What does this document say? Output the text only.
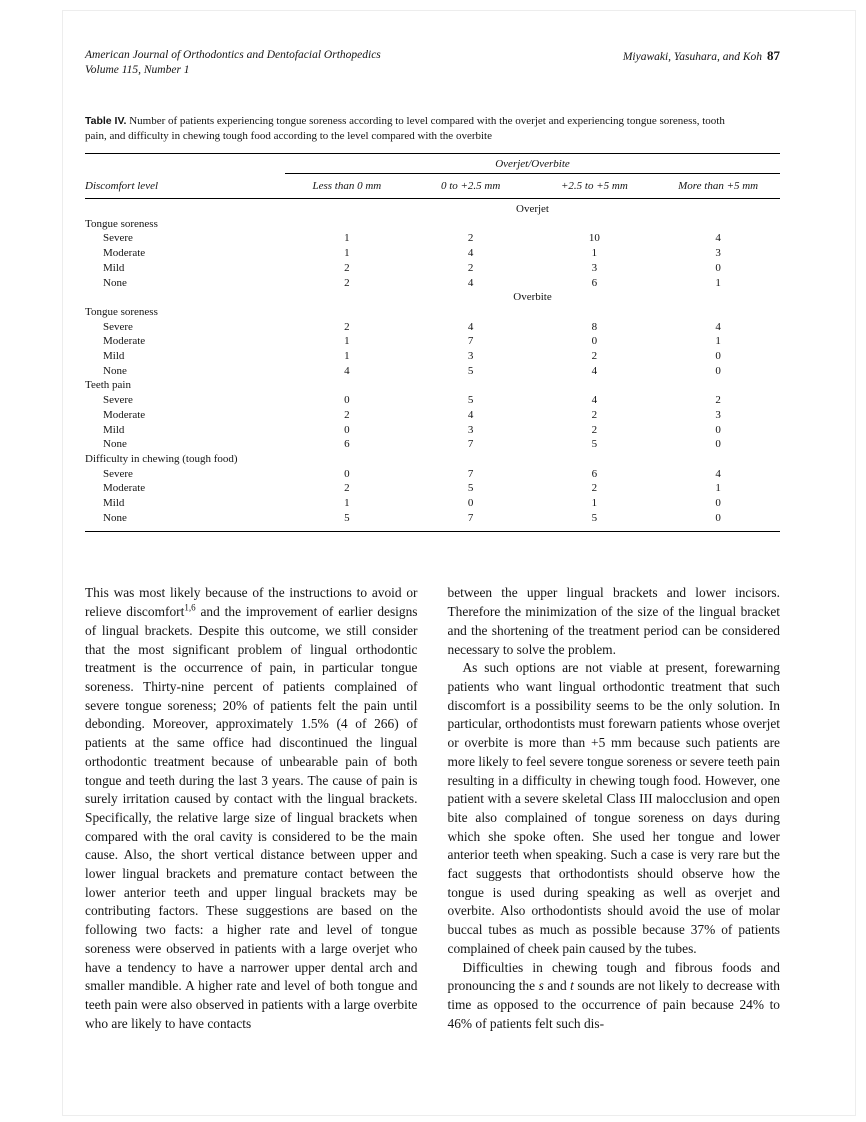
American Journal of Orthodontics and Dentofacial Orthopedics
Volume 115, Number 1
Miyawaki, Yasuhara, and Koh 87
Table IV. Number of patients experiencing tongue soreness according to level compared with the overjet and experiencing tongue soreness, tooth pain, and difficulty in chewing tough food according to the level compared with the overbite
Overjet/Overbite
Discomfort level	Less than 0 mm	0 to +2.5 mm	+2.5 to +5 mm	More than +5 mm
Overjet
Tongue soreness
Severe	1	2	10	4
Moderate	1	4	1	3
Mild	2	2	3	0
None	2	4	6	1
Overbite
Tongue soreness
Severe	2	4	8	4
Moderate	1	7	0	1
Mild	1	3	2	0
None	4	5	4	0
Teeth pain
Severe	0	5	4	2
Moderate	2	4	2	3
Mild	0	3	2	0
None	6	7	5	0
Difficulty in chewing (tough food)
Severe	0	7	6	4
Moderate	2	5	2	1
Mild	1	0	1	0
None	5	7	5	0

This was most likely because of the instructions to avoid or relieve discomfort$^{1,6}$ and the improvement of earlier designs of lingual brackets. Despite this outcome, we still consider that the most significant problem of lingual orthodontic treatment is the occurrence of pain, in particular tongue soreness. Thirty-nine percent of patients complained of severe tongue soreness; 20% of patients felt the pain until debonding. Moreover, approximately 1.5% (4 of 266) of patients at the same office had discontinued the lingual orthodontic treatment because of unbearable pain of both tongue and teeth during the last 3 years. The cause of pain is surely irritation caused by contact with the lingual brackets. Specifically, the relative large size of lingual brackets when compared with the oral cavity is considered to be the main cause. Also, the short vertical distance between upper and lower lingual brackets and premature contact between the lower anterior teeth and upper lingual brackets may be contributing factors. These suggestions are based on the following two facts: a higher rate and level of tongue soreness were observed in patients with a large overjet who have a tendency to have a narrower upper dental arch and smaller mandible. A higher rate and level of both tongue and teeth pain were also observed in patients with a large overbite who are likely to have contacts

between the upper lingual brackets and lower incisors. Therefore the minimization of the size of the lingual bracket and the shortening of the treatment period can be considered necessary to solve the problem.

As such options are not viable at present, forewarning patients who want lingual orthodontic treatment that such discomfort is a possibility seems to be the only solution. In particular, orthodontists must forewarn patients whose overjet or overbite is more than +5 mm because such patients are more likely to feel severe tongue soreness or severe teeth pain resulting in a difficulty in chewing tough food. However, one patient with a severe skeletal Class III malocclusion and open bite also complained of tongue soreness on days during which she spoke often. She used her tongue and lower anterior teeth when speaking. Such a case is very rare but the fact suggests that orthodontists should observe how the tongue is used during speaking as well as overjet and overbite. Also orthodontists should avoid the use of molar buccal tubes as much as possible because 37% of patients complained of cheek pain caused by the tubes.

Difficulties in chewing tough and fibrous foods and pronouncing the s and t sounds are not likely to decrease with time as opposed to the occurrence of pain because 24% to 46% of patients felt such dis-
